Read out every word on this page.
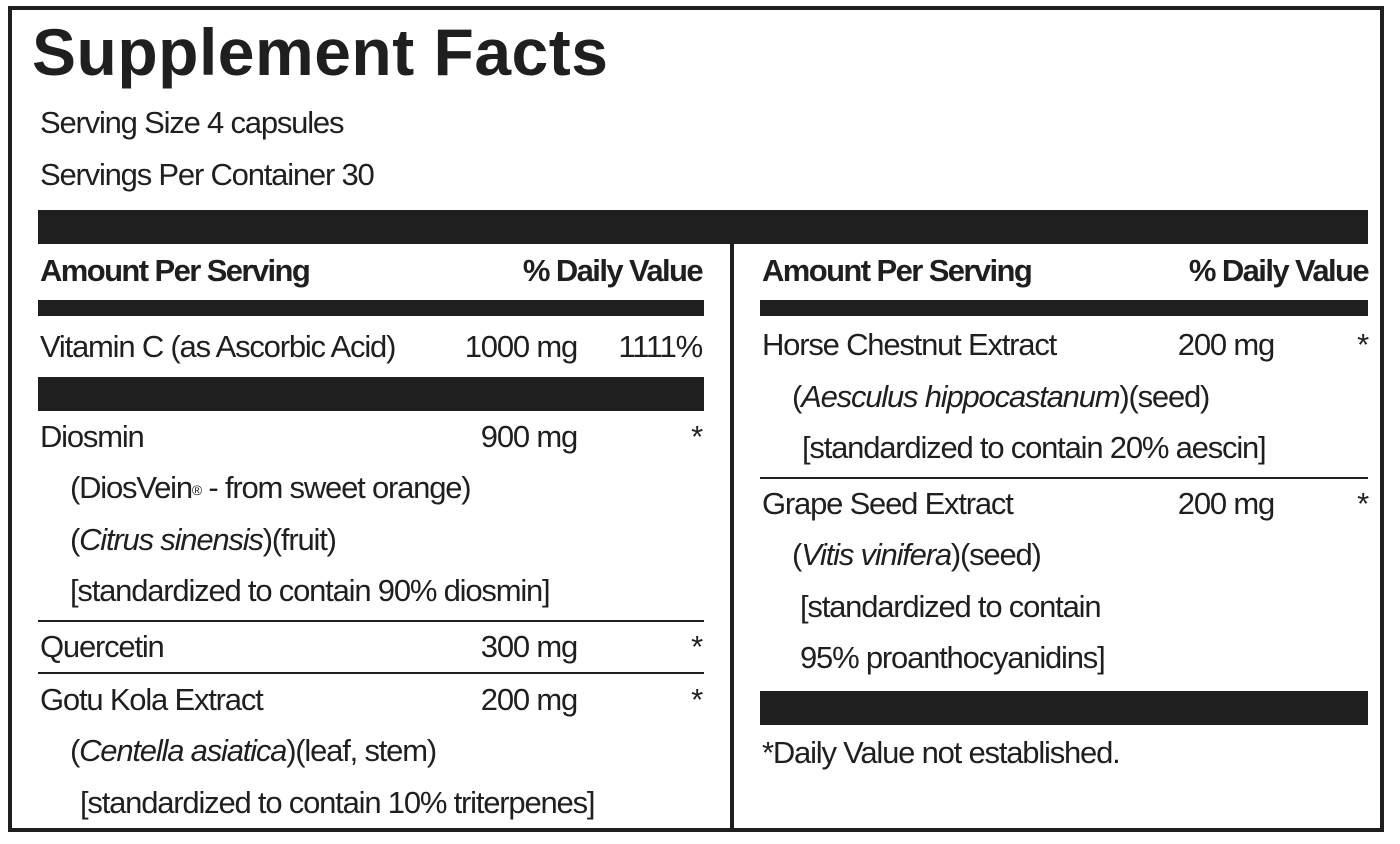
Supplement Facts
Serving Size 4 capsules
Servings Per Container 30
Amount Per Serving	% Daily Value Amount Per Serving	% Daily Value
Vitamin C (as Ascorbic Acid)	1000 mg	1111%
Diosmin	900 mg	*
(DiosVein® - from sweet orange)
(Citrus sinensis)(fruit)
[standardized to contain 90% diosmin]
Quercetin	300 mg	*
Gotu Kola Extract	200 mg	*
(Centella asiatica)(leaf, stem)
[standardized to contain 10% triterpenes]
Horse Chestnut Extract	200 mg	*
(Aesculus hippocastanum)(seed)
[standardized to contain 20% aescin]
Grape Seed Extract	200 mg	*
(Vitis vinifera)(seed)
[standardized to contain
95% proanthocyanidins]
*Daily Value not established.
